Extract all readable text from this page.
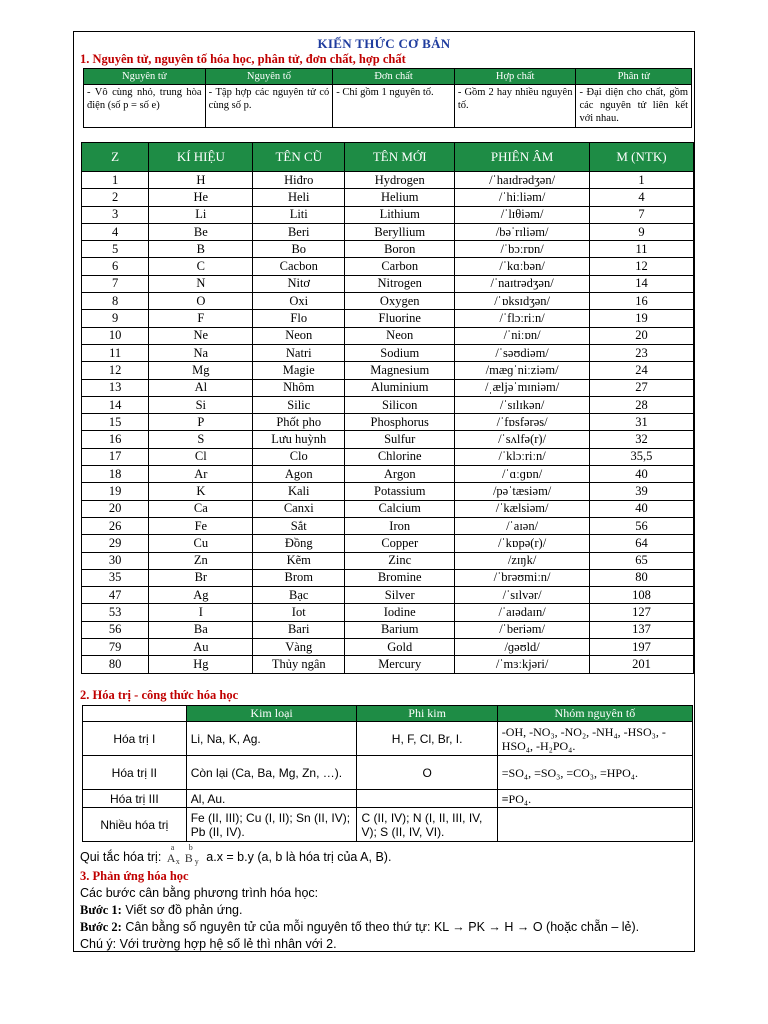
KIẾN THỨC CƠ BẢN
1. Nguyên tử, nguyên tố hóa học, phân tử, đơn chất, hợp chất
Nguyên tử	Nguyên tố	Đơn chất	Hợp chất	Phân tử
- Vô cùng nhỏ, trung hòa điện (số p = số e)	- Tập hợp các nguyên tử có cùng số p.	- Chỉ gồm 1 nguyên tố.	- Gồm 2 hay nhiều nguyên tố.	- Đại diện cho chất, gồm các nguyên tử liên kết với nhau.
Z	KÍ HIỆU	TÊN CŨ	TÊN MỚI	PHIÊN ÂM	M (NTK)
1	H	Hiđro	Hydrogen	/ˈhaɪdrədʒən/	1
2	He	Heli	Helium	/ˈhiːliəm/	4
3	Li	Liti	Lithium	/ˈlɪθiəm/	7
4	Be	Beri	Beryllium	/bəˈrɪliəm/	9
5	B	Bo	Boron	/ˈbɔːrɒn/	11
6	C	Cacbon	Carbon	/ˈkɑːbən/	12
7	N	Nitơ	Nitrogen	/ˈnaɪtrədʒən/	14
8	O	Oxi	Oxygen	/ˈɒksɪdʒən/	16
9	F	Flo	Fluorine	/ˈflɔːriːn/	19
10	Ne	Neon	Neon	/ˈniːɒn/	20
11	Na	Natri	Sodium	/ˈsəʊdiəm/	23
12	Mg	Magie	Magnesium	/mæɡˈniːziəm/	24
13	Al	Nhôm	Aluminium	/ˌæljəˈmɪniəm/	27
14	Si	Silic	Silicon	/ˈsɪlɪkən/	28
15	P	Phốt pho	Phosphorus	/ˈfɒsfərəs/	31
16	S	Lưu huỳnh	Sulfur	/ˈsʌlfə(r)/	32
17	Cl	Clo	Chlorine	/ˈklɔːriːn/	35,5
18	Ar	Agon	Argon	/ˈɑːɡɒn/	40
19	K	Kali	Potassium	/pəˈtæsiəm/	39
20	Ca	Canxi	Calcium	/ˈkælsiəm/	40
26	Fe	Sắt	Iron	/ˈaɪən/	56
29	Cu	Đồng	Copper	/ˈkɒpə(r)/	64
30	Zn	Kẽm	Zinc	/zɪŋk/	65
35	Br	Brom	Bromine	/ˈbrəʊmiːn/	80
47	Ag	Bạc	Silver	/ˈsɪlvər/	108
53	I	Iot	Iodine	/ˈaɪədaɪn/	127
56	Ba	Bari	Barium	/ˈberiəm/	137
79	Au	Vàng	Gold	/ɡəʊld/	197
80	Hg	Thủy ngân	Mercury	/ˈmɜːkjəri/	201
2. Hóa trị - công thức hóa học
	Kim loại	Phi kim	Nhóm nguyên tố
Hóa trị I	Li, Na, K, Ag.	H, F, Cl, Br, I.	-OH, -NO₃, -NO₂, -NH₄, -HSO₃, -HSO₄, -H₂PO₄.
Hóa trị II	Còn lại (Ca, Ba, Mg, Zn, …).	O	=SO₄, =SO₃, =CO₃, =HPO₄.
Hóa trị III	Al, Au.		≡PO₄.
Nhiều hóa trị	Fe (II, III); Cu (I, II); Sn (II, IV); Pb (II, IV).	C (II, IV); N (I, II, III, IV, V); S (II, IV, VI).	
Qui tắc hóa trị:
a
A x
b
B y a.x = b.y (a, b là hóa trị của A, B).
3. Phản ứng hóa học
Các bước cân bằng phương trình hóa học:
Bước 1: Viết sơ đồ phản ứng.
Bước 2: Cân bằng số nguyên tử của mỗi nguyên tố theo thứ tự: KL → PK → H → O (hoặc chẵn – lẻ).
Chú ý: Với trường hợp hệ số lẻ thì nhân với 2.
